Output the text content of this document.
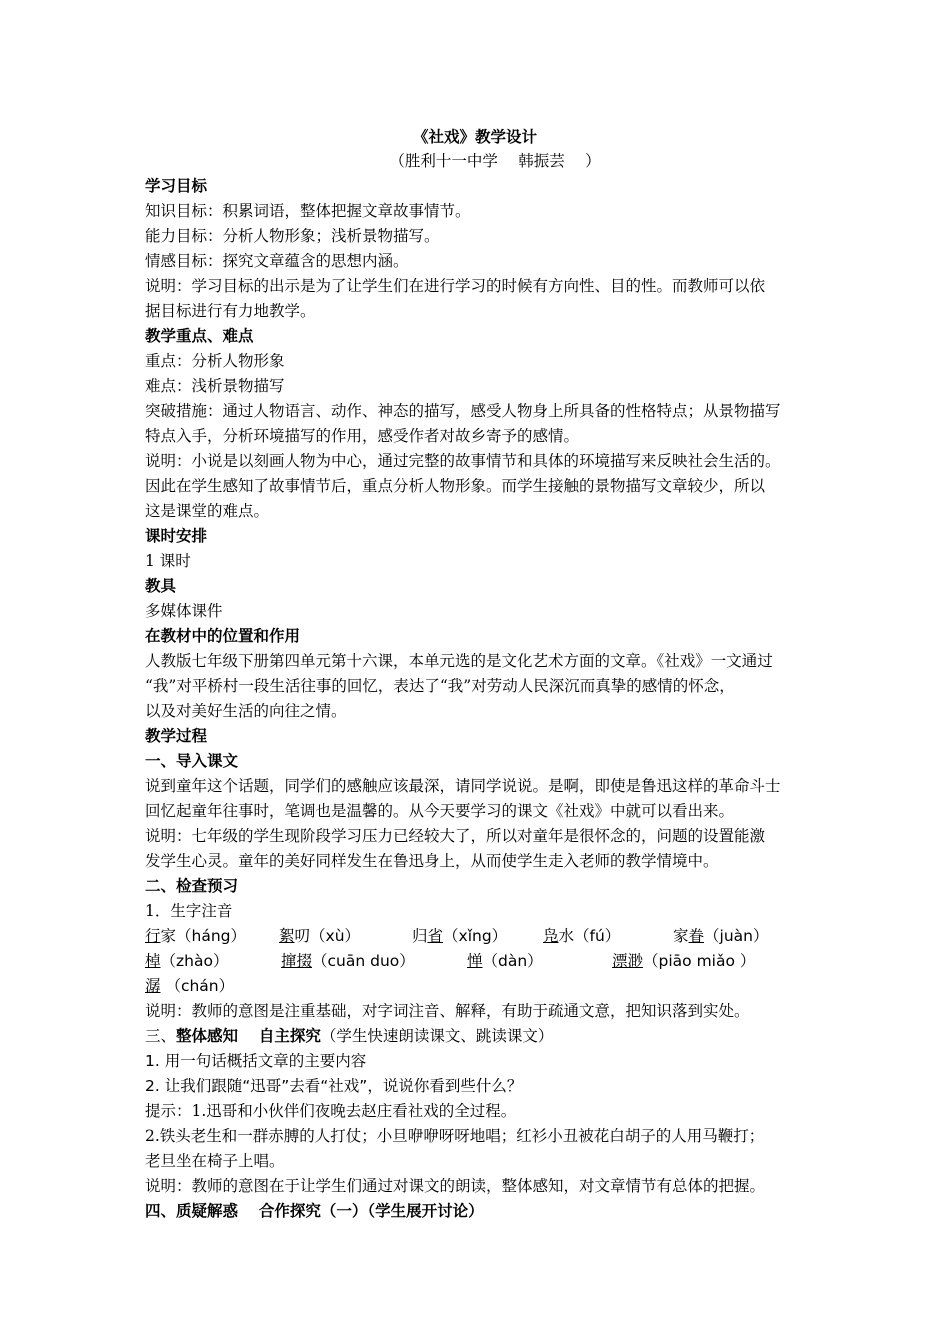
《社戏》教学设计
（胜利十一中学　 韩振芸　 ）
学习目标
知识目标：积累词语，整体把握文章故事情节。
能力目标：分析人物形象；浅析景物描写。
情感目标：探究文章蕴含的思想内涵。
说明：学习目标的出示是为了让学生们在进行学习的时候有方向性、目的性。而教师可以依
据目标进行有力地教学。
教学重点、难点
重点：分析人物形象
难点：浅析景物描写
突破措施：通过人物语言、动作、神态的描写，感受人物身上所具备的性格特点；从景物描写
特点入手，分析环境描写的作用，感受作者对故乡寄予的感情。
说明：小说是以刻画人物为中心，通过完整的故事情节和具体的环境描写来反映社会生活的。
因此在学生感知了故事情节后，重点分析人物形象。而学生接触的景物描写文章较少，所以
这是课堂的难点。
课时安排
1 课时
教具
多媒体课件
在教材中的位置和作用
人教版七年级下册第四单元第十六课，本单元选的是文化艺术方面的文章。《社戏》一文通过
“我”对平桥村一段生活往事的回忆，表达了“我”对劳动人民深沉而真挚的感情的怀念，
以及对美好生活的向往之情。
教学过程
一、导入课文
说到童年这个话题，同学们的感触应该最深，请同学说说。是啊，即使是鲁迅这样的革命斗士
回忆起童年往事时，笔调也是温馨的。从今天要学习的课文《社戏》中就可以看出来。
说明：七年级的学生现阶段学习压力已经较大了，所以对童年是很怀念的，问题的设置能激
发学生心灵。童年的美好同样发生在鲁迅身上，从而使学生走入老师的教学情境中。
二、检查预习
1．生字注音
行家（háng） 絮叨（xù）	归省（xǐng） 凫水（fú）	家眷（juàn）
棹（zhào）	撺掇（cuān duo）	惮（dàn）	漂渺（piāo miǎo ）
潺 （chán）
说明：教师的意图是注重基础，对字词注音、解释，有助于疏通文意，把知识落到实处。
三、整体感知　 自主探究（学生快速朗读课文、跳读课文）
1. 用一句话概括文章的主要内容
2. 让我们跟随“迅哥”去看“社戏”，说说你看到些什么？
提示：1.迅哥和小伙伴们夜晚去赵庄看社戏的全过程。
2.铁头老生和一群赤膊的人打仗；小旦咿咿呀呀地唱；红衫小丑被花白胡子的人用马鞭打；
老旦坐在椅子上唱。
说明：教师的意图在于让学生们通过对课文的朗读，整体感知，对文章情节有总体的把握。
四、质疑解惑　 合作探究（一）（学生展开讨论）
